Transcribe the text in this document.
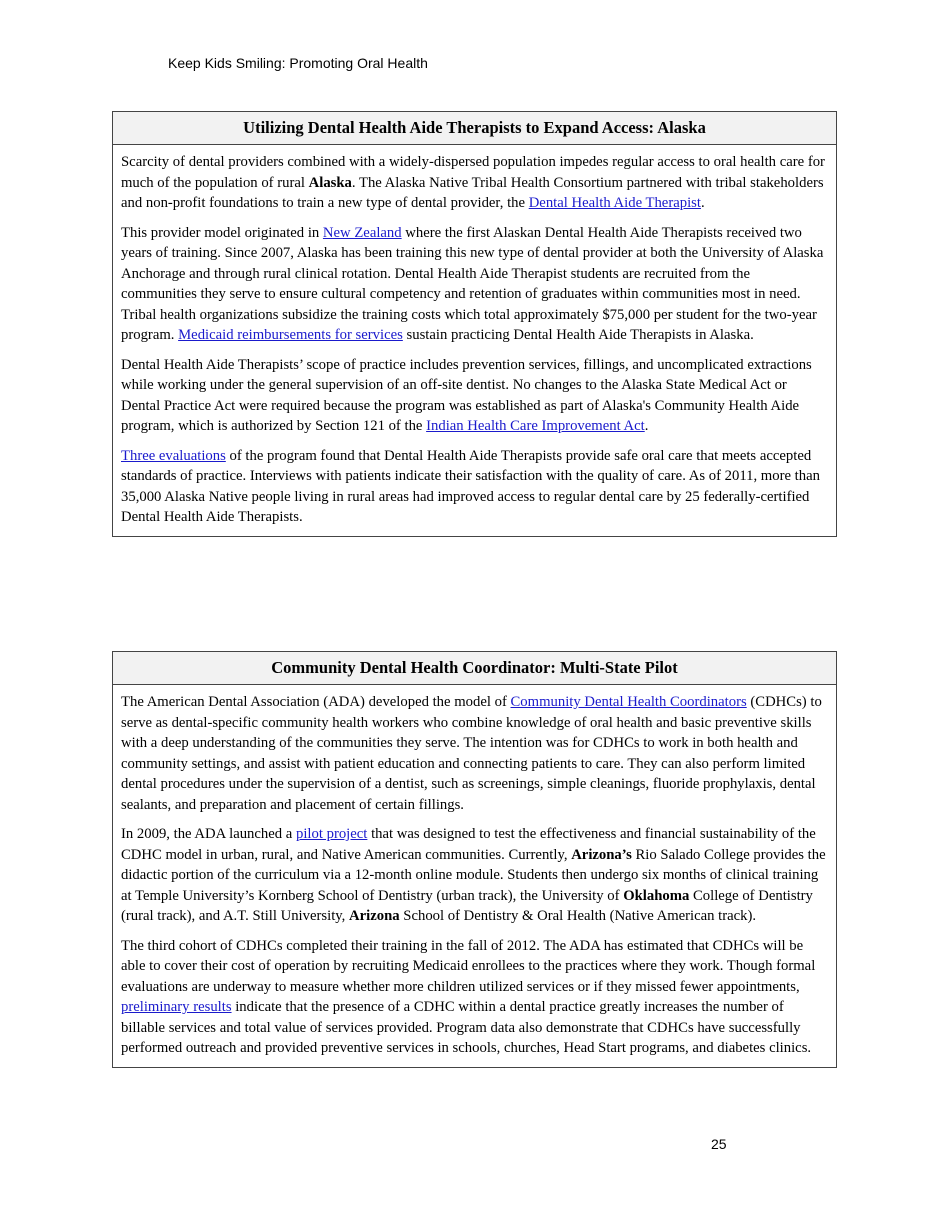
Keep Kids Smiling: Promoting Oral Health
Utilizing Dental Health Aide Therapists to Expand Access: Alaska

Scarcity of dental providers combined with a widely-dispersed population impedes regular access to oral health care for much of the population of rural Alaska. The Alaska Native Tribal Health Consortium partnered with tribal stakeholders and non-profit foundations to train a new type of dental provider, the Dental Health Aide Therapist.

This provider model originated in New Zealand where the first Alaskan Dental Health Aide Therapists received two years of training. Since 2007, Alaska has been training this new type of dental provider at both the University of Alaska Anchorage and through rural clinical rotation. Dental Health Aide Therapist students are recruited from the communities they serve to ensure cultural competency and retention of graduates within communities most in need. Tribal health organizations subsidize the training costs which total approximately $75,000 per student for the two-year program. Medicaid reimbursements for services sustain practicing Dental Health Aide Therapists in Alaska.

Dental Health Aide Therapists’ scope of practice includes prevention services, fillings, and uncomplicated extractions while working under the general supervision of an off-site dentist. No changes to the Alaska State Medical Act or Dental Practice Act were required because the program was established as part of Alaska's Community Health Aide program, which is authorized by Section 121 of the Indian Health Care Improvement Act.

Three evaluations of the program found that Dental Health Aide Therapists provide safe oral care that meets accepted standards of practice. Interviews with patients indicate their satisfaction with the quality of care. As of 2011, more than 35,000 Alaska Native people living in rural areas had improved access to regular dental care by 25 federally-certified Dental Health Aide Therapists.

Community Dental Health Coordinator: Multi-State Pilot

The American Dental Association (ADA) developed the model of Community Dental Health Coordinators (CDHCs) to serve as dental-specific community health workers who combine knowledge of oral health and basic preventive skills with a deep understanding of the communities they serve. The intention was for CDHCs to work in both health and community settings, and assist with patient education and connecting patients to care. They can also perform limited dental procedures under the supervision of a dentist, such as screenings, simple cleanings, fluoride prophylaxis, dental sealants, and preparation and placement of certain fillings.

In 2009, the ADA launched a pilot project that was designed to test the effectiveness and financial sustainability of the CDHC model in urban, rural, and Native American communities. Currently, Arizona’s Rio Salado College provides the didactic portion of the curriculum via a 12-month online module. Students then undergo six months of clinical training at Temple University’s Kornberg School of Dentistry (urban track), the University of Oklahoma College of Dentistry (rural track), and A.T. Still University, Arizona School of Dentistry & Oral Health (Native American track).

The third cohort of CDHCs completed their training in the fall of 2012. The ADA has estimated that CDHCs will be able to cover their cost of operation by recruiting Medicaid enrollees to the practices where they work. Though formal evaluations are underway to measure whether more children utilized services or if they missed fewer appointments, preliminary results indicate that the presence of a CDHC within a dental practice greatly increases the number of billable services and total value of services provided. Program data also demonstrate that CDHCs have successfully performed outreach and provided preventive services in schools, churches, Head Start programs, and diabetes clinics.

25
